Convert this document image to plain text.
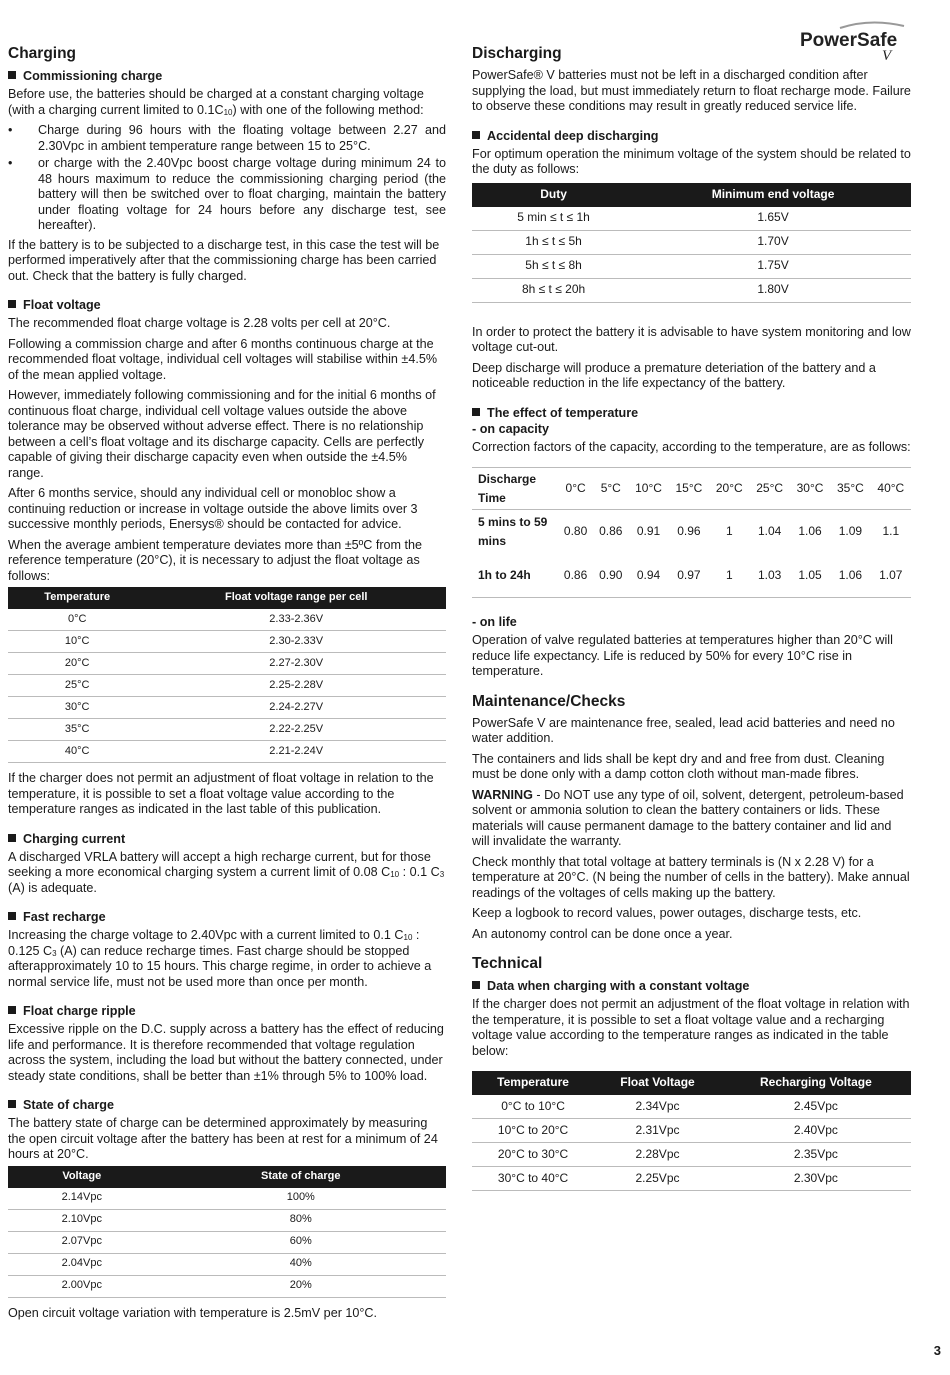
PowerSafe
V
Charging
Commissioning charge

Before use, the batteries should be charged at a constant charging voltage (with a charging current limited to $0.1C_{10}$) with one of the following method:

• Charge during 96 hours with the floating voltage between 2.27 and 2.30Vpc in ambient temperature range between 15 to 25°C.
• or charge with the 2.40Vpc boost charge voltage during minimum 24 to 48 hours maximum to reduce the commissioning charging period (the battery will then be switched over to float charging, maintain the battery under floating voltage for 24 hours before any discharge test, see hereafter).

If the battery is to be subjected to a discharge test, in this case the test will be performed imperatively after that the commissioning charge has been carried out. Check that the battery is fully charged.

Float voltage

The recommended float charge voltage is 2.28 volts per cell at 20°C.

Following a commission charge and after 6 months continuous charge at the recommended float voltage, individual cell voltages will stabilise within ±4.5% of the mean applied voltage.

However, immediately following commissioning and for the initial 6 months of continuous float charge, individual cell voltage values outside the above tolerance may be observed without adverse effect. There is no relationship between a cell’s float voltage and its discharge capacity. Cells are perfectly capable of giving their discharge capacity even when outside the ±4.5% range.

After 6 months service, should any individual cell or monobloc show a continuing reduction or increase in voltage outside the above limits over 3 successive monthly periods, Enersys® should be contacted for advice.

When the average ambient temperature deviates more than ±5ºC from the reference temperature (20°C), it is necessary to adjust the float voltage as follows:

Temperature	Float voltage range per cell
0°C	2.33-2.36V
10°C	2.30-2.33V
20°C	2.27-2.30V
25°C	2.25-2.28V
30°C	2.24-2.27V
35°C	2.22-2.25V
40°C	2.21-2.24V

If the charger does not permit an adjustment of float voltage in relation to the temperature, it is possible to set a float voltage value according to the temperature ranges as indicated in the last table of this publication.

Charging current

A discharged VRLA battery will accept a high recharge current, but for those seeking a more economical charging system a current limit of 0.08 $C_{10}$ : 0.1 $C_3$ (A) is adequate.

Fast recharge

Increasing the charge voltage to 2.40Vpc with a current limited to 0.1 $C_{10}$ : 0.125 $C_3$ (A) can reduce recharge times. Fast charge should be stopped afterapproximately 10 to 15 hours. This charge regime, in order to achieve a normal service life, must not be used more than once per month.

Float charge ripple

Excessive ripple on the D.C. supply across a battery has the effect of reducing life and performance. It is therefore recommended that voltage regulation across the system, including the load but without the battery connected, under steady state conditions, shall be better than ±1% through 5% to 100% load.

State of charge

The battery state of charge can be determined approximately by measuring the open circuit voltage after the battery has been at rest for a minimum of 24 hours at 20°C.

Voltage	State of charge
2.14Vpc	100%
2.10Vpc	80%
2.07Vpc	60%
2.04Vpc	40%
2.00Vpc	20%

Open circuit voltage variation with temperature is 2.5mV per 10°C.

Discharging

PowerSafe® V batteries must not be left in a discharged condition after supplying the load, but must immediately return to float recharge mode. Failure to observe these conditions may result in greatly reduced service life.

Accidental deep discharging

For optimum operation the minimum voltage of the system should be related to the duty as follows:

Duty	Minimum end voltage
5 min ≤ t ≤ 1h	1.65V
1h ≤ t ≤ 5h	1.70V
5h ≤ t ≤ 8h	1.75V
8h ≤ t ≤ 20h	1.80V

In order to protect the battery it is advisable to have system monitoring and low voltage cut-out.

Deep discharge will produce a premature deteriation of the battery and a noticeable reduction in the life expectancy of the battery.

The effect of temperature
- on capacity

Correction factors of the capacity, according to the temperature, are as follows:

Discharge Time	0°C	5°C	10°C	15°C	20°C	25°C	30°C	35°C	40°C
5 mins to 59 mins	0.80	0.86	0.91	0.96	1	1.04	1.06	1.09	1.1
1h to 24h	0.86	0.90	0.94	0.97	1	1.03	1.05	1.06	1.07
- on life

Operation of valve regulated batteries at temperatures higher than 20°C will reduce life expectancy. Life is reduced by 50% for every 10°C rise in temperature.

Maintenance/Checks

PowerSafe V are maintenance free, sealed, lead acid batteries and need no water addition.

The containers and lids shall be kept dry and and free from dust. Cleaning must be done only with a damp cotton cloth without man-made fibres.

WARNING - Do NOT use any type of oil, solvent, detergent, petroleum-based solvent or ammonia solution to clean the battery containers or lids. These materials will cause permanent damage to the battery container and lid and will invalidate the warranty.

Check monthly that total voltage at battery terminals is (N x 2.28 V) for a temperature at 20°C. (N being the number of cells in the battery). Make annual readings of the voltages of cells making up the battery.

Keep a logbook to record values, power outages, discharge tests, etc.

An autonomy control can be done once a year.

Technical
Data when charging with a constant voltage

If the charger does not permit an adjustment of the float voltage in relation with the temperature, it is possible to set a float voltage value and a recharging voltage value according to the temperature ranges as indicated in the table below:

Temperature	Float Voltage	Recharging Voltage
0°C to 10°C	2.34Vpc	2.45Vpc
10°C to 20°C	2.31Vpc	2.40Vpc
20°C to 30°C	2.28Vpc	2.35Vpc
30°C to 40°C	2.25Vpc	2.30Vpc
3
